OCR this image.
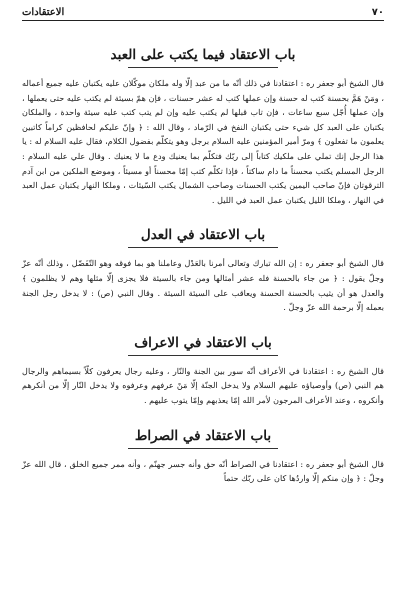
٧٠
الاعتقادات
باب الاعتقاد فيما يكتب على العبد

قال الشيخ أبو جعفر ره : اعتقادنا في ذلك أنّه ما من عبد إلّا وله ملكان موكّلان عليه يكتبان عليه جميع أعماله ، ومَنْ هَمَّ بحسنة كتب له حسنة وإن عملها كتب له عشر حسنات ، فإن همّ بسيئة لم يكتب عليه حتى يعملها ، وإن عملها أُجّل سبع ساعات ، فإن تاب قبلها لم يكتب عليه وإن لم يتب كتب عليه سيئة واحدة ، والملكان يكتبان على العبد كل شيء حتى يكتبان النفخ في الرّماد ، وقال الله : ﴿ وإنّ عليكم لحافظين كراماً كاتبين يعلمون ما تفعلون ﴾ ومرّ أمير المؤمنين عليه السلام برجل وهو يتكلّم بفضول الكلام، فقال عليه السلام له : يا هذا الرجل إنك تملي على ملكيك كتاباً إلى ربّك فتكلّم بما يعنيك ودع ما لا يعنيك . وقال علي عليه السلام : الرجل المسلم يكتب محسناً ما دام ساكتاً ، فإذا تكلّم كتب إمّا محسناً أو مسيئاً ، وموضع الملكين من ابن آدم الترقوتان فإنّ صاحب اليمين يكتب الحسنات وصاحب الشمال يكتب السّيئات ، وملكا النهار يكتبان عمل العبد في النهار ، وملكا الليل يكتبان عمل العبد في الليل .

باب الاعتقاد في العدل

قال الشيخ أبو جعفر ره : إن الله تبارك وتعالى أمرنا بالعَدْل وعاملنا هو بما فوقه وهو التّفَضّل ، وذلك أنّه عزّ وجلّ يقول : ﴿ من جاء بالحسنة فله عشر أمثالها ومن جاء بالسيئة فلا يجزى إلّا مثلها وهم لا يظلمون ﴾ والعدل هو أن يثيب بالحسنة الحسنة ويعاقب على السيئة السيئة . وقال النبي (ص) : لا يدخل رجل الجنة بعمله إلّا برحمة الله عزّ وجلّ .

باب الاعتقاد في الاعراف

قال الشيخ ره : اعتقادنا في الأعراف أنّه سور بين الجنة والنّار ، وعليه رجال يعرفون كلّاً بسيماهم والرجال هم النبي (ص) وأوصياؤه عليهم السلام ولا يدخل الجنّة إلّا مَنْ عرفهم وعرفوه ولا يدخل النّار إلّا من أنكرهم وأنكروه ، وعند الأعراف المرجون لأمر الله إمّا يعذبهم وإمّا يتوب عليهم .

باب الاعتقاد في الصراط

قال الشيخ أبو جعفر ره : اعتقادنا في الصراط أنّه حق وأنه جسر جهنّم ، وأنه ممر جميع الخلق ، قال الله عزّ وجلّ : ﴿ وإن منكم إلّا واردُها كان على ربّك حتماً
